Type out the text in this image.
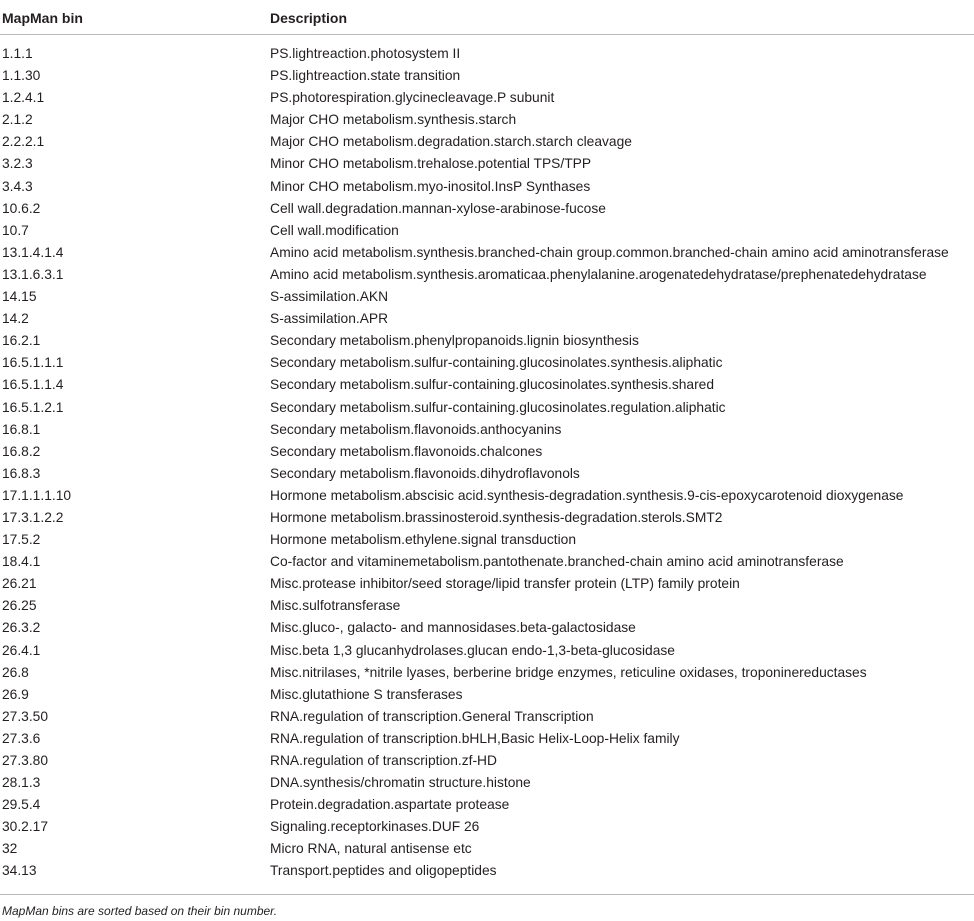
MapMan bin	Description
1.1.1	PS.lightreaction.photosystem II
1.1.30	PS.lightreaction.state transition
1.2.4.1	PS.photorespiration.glycinecleavage.P subunit
2.1.2	Major CHO metabolism.synthesis.starch
2.2.2.1	Major CHO metabolism.degradation.starch.starch cleavage
3.2.3	Minor CHO metabolism.trehalose.potential TPS/TPP
3.4.3	Minor CHO metabolism.myo-inositol.InsP Synthases
10.6.2	Cell wall.degradation.mannan-xylose-arabinose-fucose
10.7	Cell wall.modification
13.1.4.1.4	Amino acid metabolism.synthesis.branched-chain group.common.branched-chain amino acid aminotransferase
13.1.6.3.1	Amino acid metabolism.synthesis.aromaticaa.phenylalanine.arogenatedehydratase/prephenatedehydratase
14.15	S-assimilation.AKN
14.2	S-assimilation.APR
16.2.1	Secondary metabolism.phenylpropanoids.lignin biosynthesis
16.5.1.1.1	Secondary metabolism.sulfur-containing.glucosinolates.synthesis.aliphatic
16.5.1.1.4	Secondary metabolism.sulfur-containing.glucosinolates.synthesis.shared
16.5.1.2.1	Secondary metabolism.sulfur-containing.glucosinolates.regulation.aliphatic
16.8.1	Secondary metabolism.flavonoids.anthocyanins
16.8.2	Secondary metabolism.flavonoids.chalcones
16.8.3	Secondary metabolism.flavonoids.dihydroflavonols
17.1.1.1.10	Hormone metabolism.abscisic acid.synthesis-degradation.synthesis.9-cis-epoxycarotenoid dioxygenase
17.3.1.2.2	Hormone metabolism.brassinosteroid.synthesis-degradation.sterols.SMT2
17.5.2	Hormone metabolism.ethylene.signal transduction
18.4.1	Co-factor and vitaminemetabolism.pantothenate.branched-chain amino acid aminotransferase
26.21	Misc.protease inhibitor/seed storage/lipid transfer protein (LTP) family protein
26.25	Misc.sulfotransferase
26.3.2	Misc.gluco-, galacto- and mannosidases.beta-galactosidase
26.4.1	Misc.beta 1,3 glucanhydrolases.glucan endo-1,3-beta-glucosidase
26.8	Misc.nitrilases, *nitrile lyases, berberine bridge enzymes, reticuline oxidases, troponinereductases
26.9	Misc.glutathione S transferases
27.3.50	RNA.regulation of transcription.General Transcription
27.3.6	RNA.regulation of transcription.bHLH,Basic Helix-Loop-Helix family
27.3.80	RNA.regulation of transcription.zf-HD
28.1.3	DNA.synthesis/chromatin structure.histone
29.5.4	Protein.degradation.aspartate protease
30.2.17	Signaling.receptorkinases.DUF 26
32	Micro RNA, natural antisense etc
34.13	Transport.peptides and oligopeptides
MapMan bins are sorted based on their bin number.
